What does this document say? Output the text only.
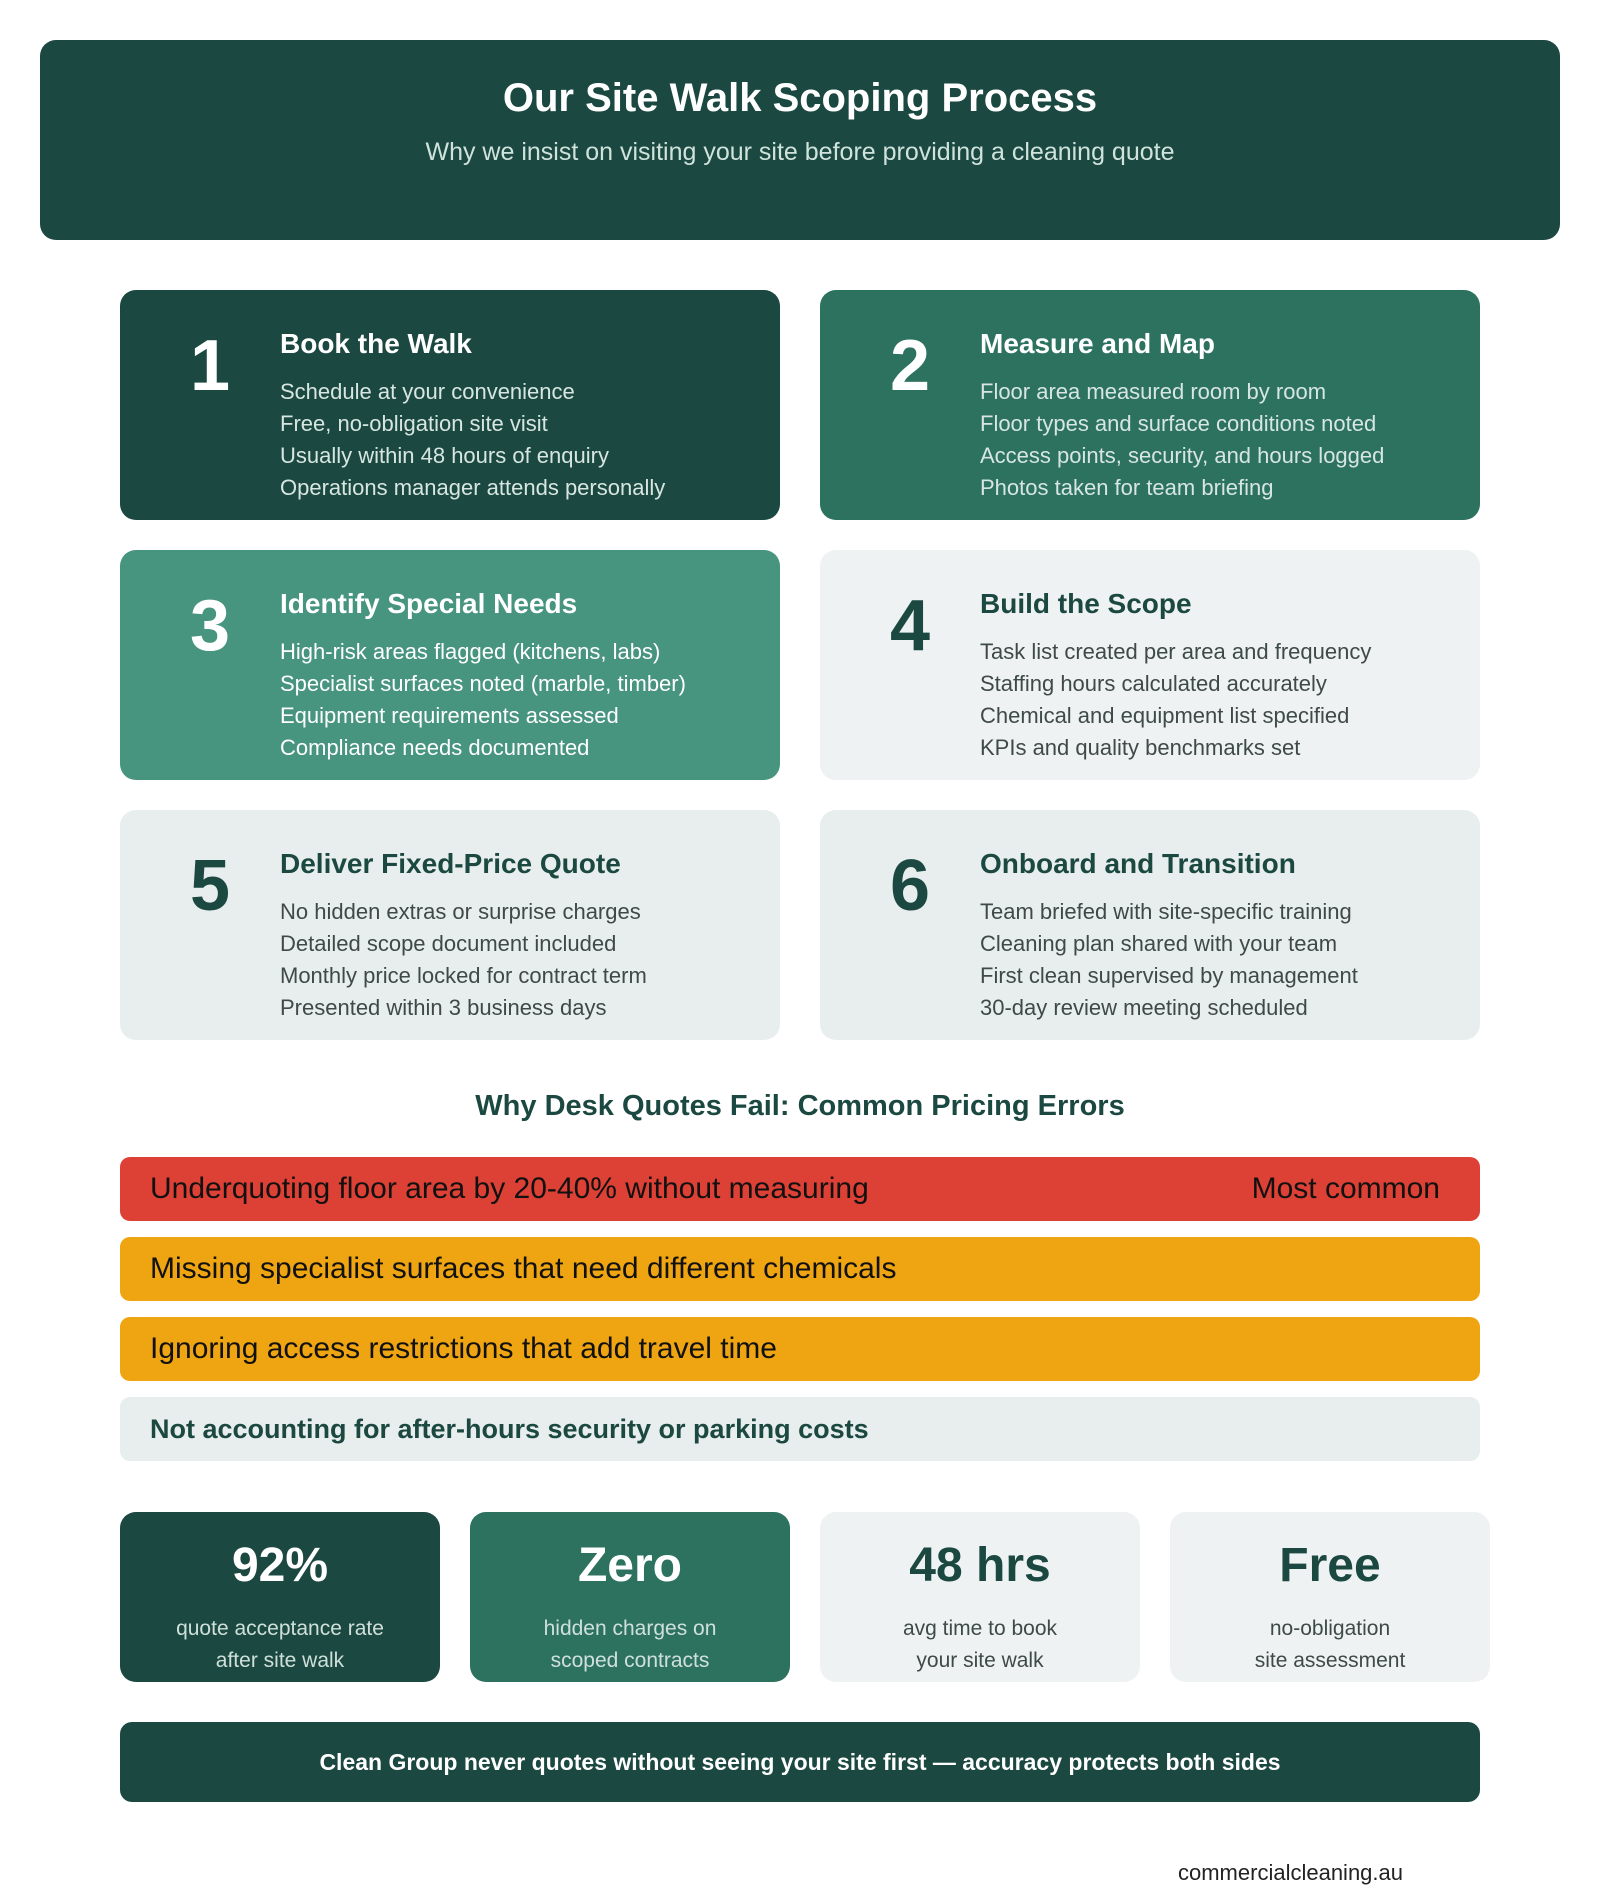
Our Site Walk Scoping Process
Why we insist on visiting your site before providing a cleaning quote
1 Book the Walk
Schedule at your convenience
Free, no-obligation site visit
Usually within 48 hours of enquiry
Operations manager attends personally
2 Measure and Map
Floor area measured room by room
Floor types and surface conditions noted
Access points, security, and hours logged
Photos taken for team briefing
3 Identify Special Needs
High-risk areas flagged (kitchens, labs)
Specialist surfaces noted (marble, timber)
Equipment requirements assessed
Compliance needs documented
4 Build the Scope
Task list created per area and frequency
Staffing hours calculated accurately
Chemical and equipment list specified
KPIs and quality benchmarks set
5 Deliver Fixed-Price Quote
No hidden extras or surprise charges
Detailed scope document included
Monthly price locked for contract term
Presented within 3 business days
6 Onboard and Transition
Team briefed with site-specific training
Cleaning plan shared with your team
First clean supervised by management
30-day review meeting scheduled
Why Desk Quotes Fail: Common Pricing Errors
Underquoting floor area by 20-40% without measuring	Most common
Missing specialist surfaces that need different chemicals
Ignoring access restrictions that add travel time
Not accounting for after-hours security or parking costs
92%
quote acceptance rate
after site walk
Zero
hidden charges on
scoped contracts
48 hrs
avg time to book
your site walk
Free
no-obligation
site assessment
Clean Group never quotes without seeing your site first — accuracy protects both sides
commercialcleaning.au
